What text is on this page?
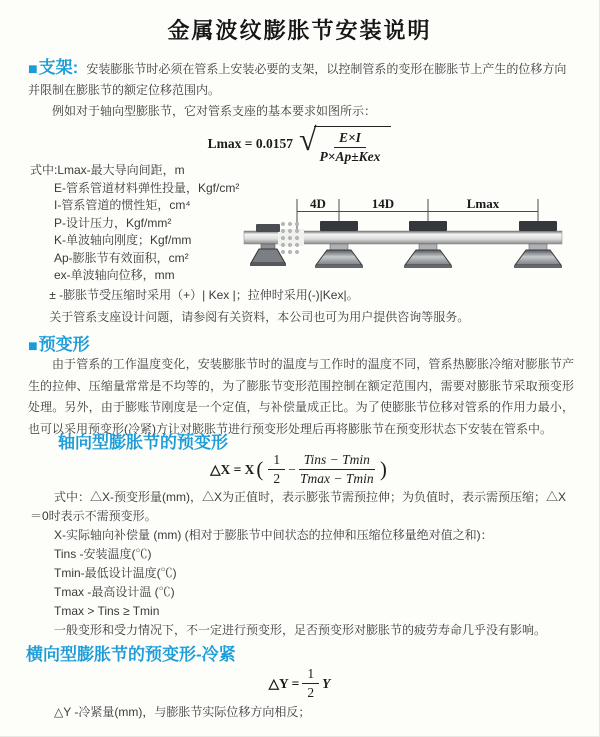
金属波纹膨胀节安装说明
■支架: 安装膨胀节时必须在管系上安装必要的支架，以控制管系的变形在膨胀节上产生的位移方向并限制在膨胀节的额定位移范围内。
例如对于轴向型膨胀节，它对管系支座的基本要求如图所示：
Lmax = 0.0157 √ $\frac{E\times I}{\text{P×Ap±Kex}}$
式中:Lmax-最大导向间距，m
E-管系管道材料弹性投量，Kgf/cm²
I-管系管道的惯性矩，cm⁴
P-设计压力，Kgf/mm²
K-单波轴向刚度；Kgf/mm
Ap-膨胀节有效面积，cm²
ex-单波轴向位移，mm
4D	14D	Lmax
± -膨胀节受压缩时采用（+）| Kex |；拉伸时采用(-)|Kex|。
关于管系支座设计问题，请参阅有关资料，本公司也可为用户提供咨询等服务。
■预变形
由于管系的工作温度变化，安装膨胀节时的温度与工作时的温度不同，管系热膨胀冷缩对膨胀节产生的拉伸、压缩量常常是不均等的，为了膨胀节变形范围控制在额定范围内，需要对膨胀节采取预变形处理。另外，由于膨账节刚度是一个定值，与补偿量成正比。为了使膨胀节位移对管系的作用力最小，也可以采用预变形(冷紧)方让对膨胀节进行预变形处理后再将膨胀节在预变形状态下安装在管系中。
轴向型膨胀节的预变形
△X = X ( $\frac{1}{2} - \frac{\text{Tins − Tmin}}{Tmax - Tmin}$ )

式中：△X-预变形量(mm)，△X为正值时，表示膨张节需预拉伸；为负值时，表示需预压缩；△X＝0时表示不需预变形。

X-实际轴向补偿量 (mm) (相对于膨胀节中间状态的拉伸和压缩位移量绝对值之和)：

Tins -安装温度(℃)

Tmin-最低设计温度(℃)

Tmax -最高设计温 (℃)

Tmax > Tins ≥ Tmin

一般变形和受力情况下，不一定进行预变形，足否预变形对膨胀节的疲劳寿命几乎没有影响。

横向型膨胀节的预变形-冷紧
△Y = $\frac{1}{2}$ Y
△Y -冷紧量(mm)，与膨胀节实际位移方向相反；
